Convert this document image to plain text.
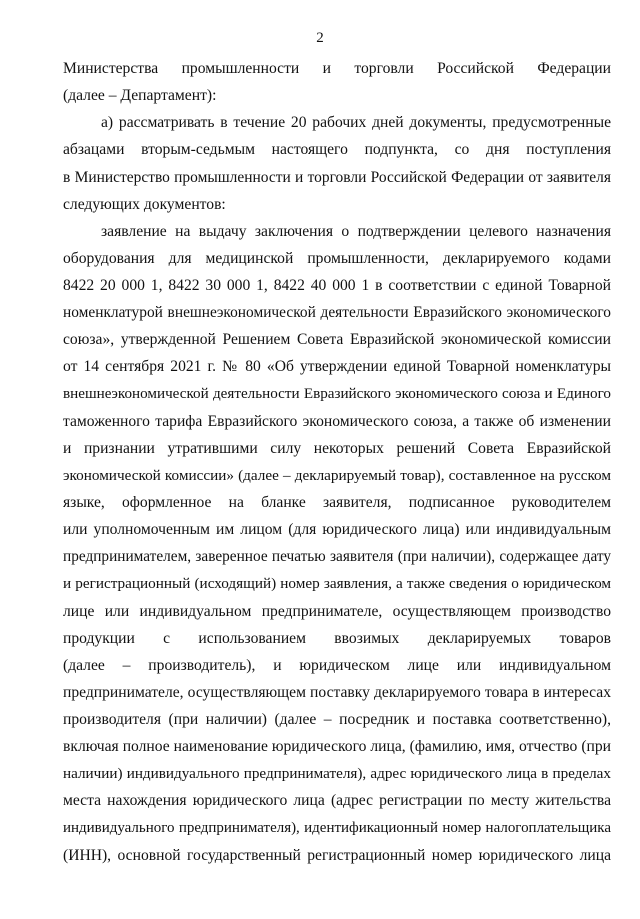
2
Министерства промышленности и торговли Российской Федерации
(далее – Департамент):
а) рассматривать в течение 20 рабочих дней документы, предусмотренные
абзацами вторым-седьмым настоящего подпункта, со дня поступления
в Министерство промышленности и торговли Российской Федерации от заявителя
следующих документов:
заявление на выдачу заключения о подтверждении целевого назначения
оборудования для медицинской промышленности, декларируемого кодами
8422 20 000 1, 8422 30 000 1, 8422 40 000 1 в соответствии с единой Товарной
номенклатурой внешнеэкономической деятельности Евразийского экономического
союза», утвержденной Решением Совета Евразийской экономической комиссии
от 14 сентября 2021 г. № 80 «Об утверждении единой Товарной номенклатуры
внешнеэкономической деятельности Евразийского экономического союза и Единого
таможенного тарифа Евразийского экономического союза, а также об изменении
и признании утратившими силу некоторых решений Совета Евразийской
экономической комиссии» (далее – декларируемый товар), составленное на русском
языке, оформленное на бланке заявителя, подписанное руководителем
или уполномоченным им лицом (для юридического лица) или индивидуальным
предпринимателем, заверенное печатью заявителя (при наличии), содержащее дату
и регистрационный (исходящий) номер заявления, а также сведения о юридическом
лице или индивидуальном предпринимателе, осуществляющем производство
продукции с использованием ввозимых декларируемых товаров
(далее – производитель), и юридическом лице или индивидуальном
предпринимателе, осуществляющем поставку декларируемого товара в интересах
производителя (при наличии) (далее – посредник и поставка соответственно),
включая полное наименование юридического лица, (фамилию, имя, отчество (при
наличии) индивидуального предпринимателя), адрес юридического лица в пределах
места нахождения юридического лица (адрес регистрации по месту жительства
индивидуального предпринимателя), идентификационный номер налогоплательщика
(ИНН), основной государственный регистрационный номер юридического лица
